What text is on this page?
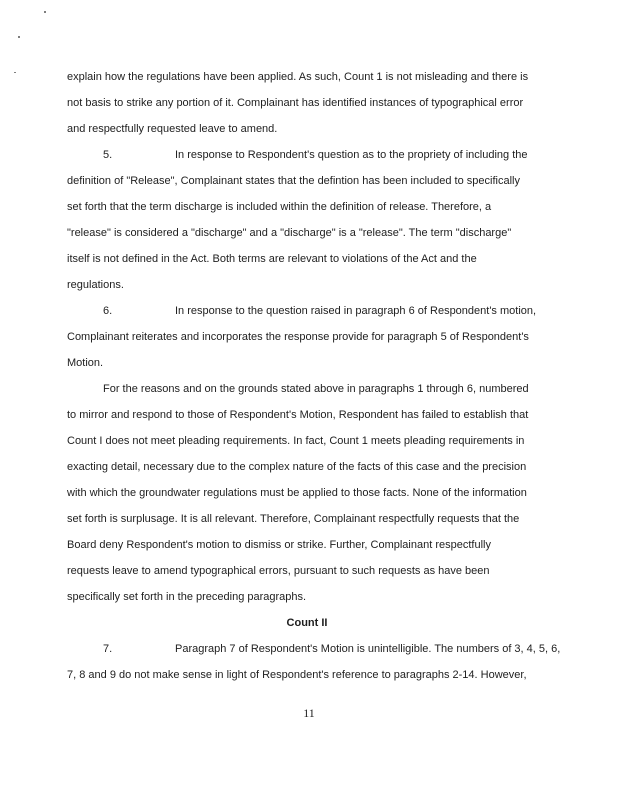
explain how the regulations have been applied. As such, Count 1 is not misleading and there is
not basis to strike any portion of it. Complainant has identified instances of typographical error
and respectfully requested leave to amend.
5.	In response to Respondent's question as to the propriety of including the
definition of "Release", Complainant states that the defintion has been included to specifically
set forth that the term discharge is included within the definition of release. Therefore, a
"release" is considered a "discharge" and a "discharge" is a "release". The term "discharge"
itself is not defined in the Act. Both terms are relevant to violations of the Act and the
regulations.
6.	In response to the question raised in paragraph 6 of Respondent's motion,
Complainant reiterates and incorporates the response provide for paragraph 5 of Respondent's
Motion.
For the reasons and on the grounds stated above in paragraphs 1 through 6, numbered
to mirror and respond to those of Respondent's Motion, Respondent has failed to establish that
Count I does not meet pleading requirements. In fact, Count 1 meets pleading requirements in
exacting detail, necessary due to the complex nature of the facts of this case and the precision
with which the groundwater regulations must be applied to those facts. None of the information
set forth is surplusage. It is all relevant. Therefore, Complainant respectfully requests that the
Board deny Respondent's motion to dismiss or strike. Further, Complainant respectfully
requests leave to amend typographical errors, pursuant to such requests as have been
specifically set forth in the preceding paragraphs.
Count II
7.	Paragraph 7 of Respondent's Motion is unintelligible. The numbers of 3, 4, 5, 6,
7, 8 and 9 do not make sense in light of Respondent's reference to paragraphs 2-14. However,
11
